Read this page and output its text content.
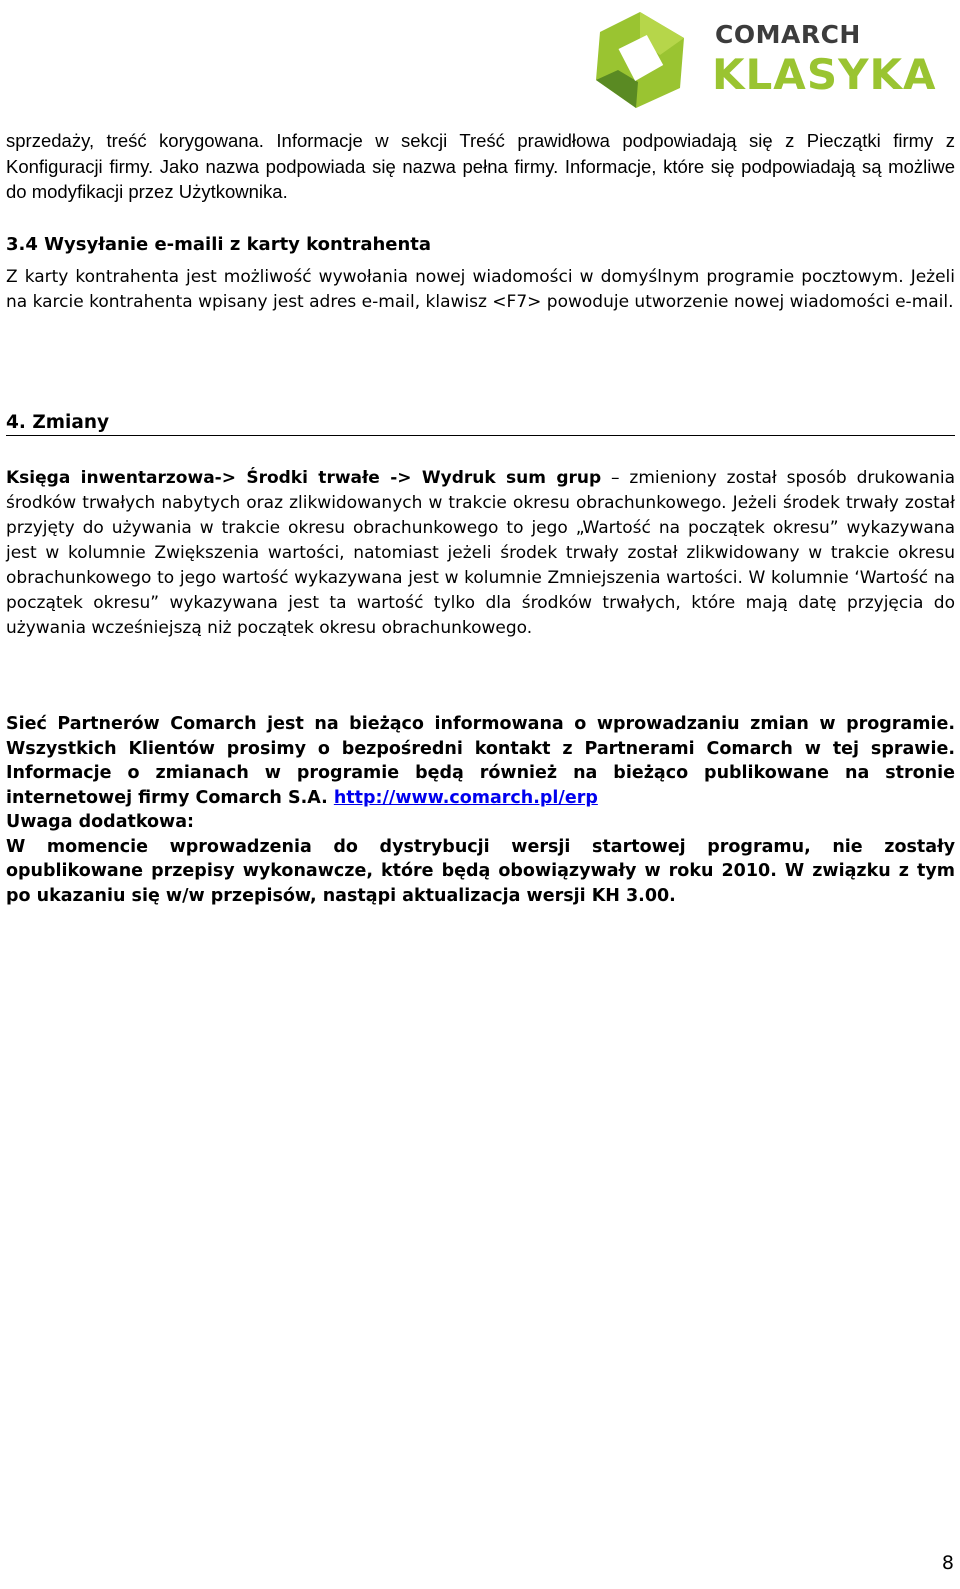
COMARCH
KLASYKA

sprzedaży, treść korygowana. Informacje w sekcji Treść prawidłowa podpowiadają się z Pieczątki firmy z Konfiguracji firmy. Jako nazwa podpowiada się nazwa pełna firmy. Informacje, które się podpowiadają są możliwe do modyfikacji przez Użytkownika.

3.4 Wysyłanie e-maili z karty kontrahenta

Z karty kontrahenta jest możliwość wywołania nowej wiadomości w domyślnym programie pocztowym. Jeżeli na karcie kontrahenta wpisany jest adres e-mail, klawisz <F7> powoduje utworzenie nowej wiadomości e-mail.

4. Zmiany

Księga inwentarzowa-> Środki trwałe -> Wydruk sum grup – zmieniony został sposób drukowania środków trwałych nabytych oraz zlikwidowanych w trakcie okresu obrachunkowego. Jeżeli środek trwały został przyjęty do używania w trakcie okresu obrachunkowego to jego „Wartość na początek okresu” wykazywana jest w kolumnie Zwiększenia wartości, natomiast jeżeli środek trwały został zlikwidowany w trakcie okresu obrachunkowego to jego wartość wykazywana jest w kolumnie Zmniejszenia wartości. W kolumnie ‘Wartość na początek okresu” wykazywana jest ta wartość tylko dla środków trwałych, które mają datę przyjęcia do używania wcześniejszą niż początek okresu obrachunkowego.

Sieć Partnerów Comarch jest na bieżąco informowana o wprowadzaniu zmian w programie. Wszystkich Klientów prosimy o bezpośredni kontakt z Partnerami Comarch w tej sprawie. Informacje o zmianach w programie będą również na bieżąco publikowane na stronie internetowej firmy Comarch S.A. http://www.comarch.pl/erp
Uwaga dodatkowa:
W momencie wprowadzenia do dystrybucji wersji startowej programu, nie zostały opublikowane przepisy wykonawcze, które będą obowiązywały w roku 2010. W związku z tym po ukazaniu się w/w przepisów, nastąpi aktualizacja wersji KH 3.00.

8
